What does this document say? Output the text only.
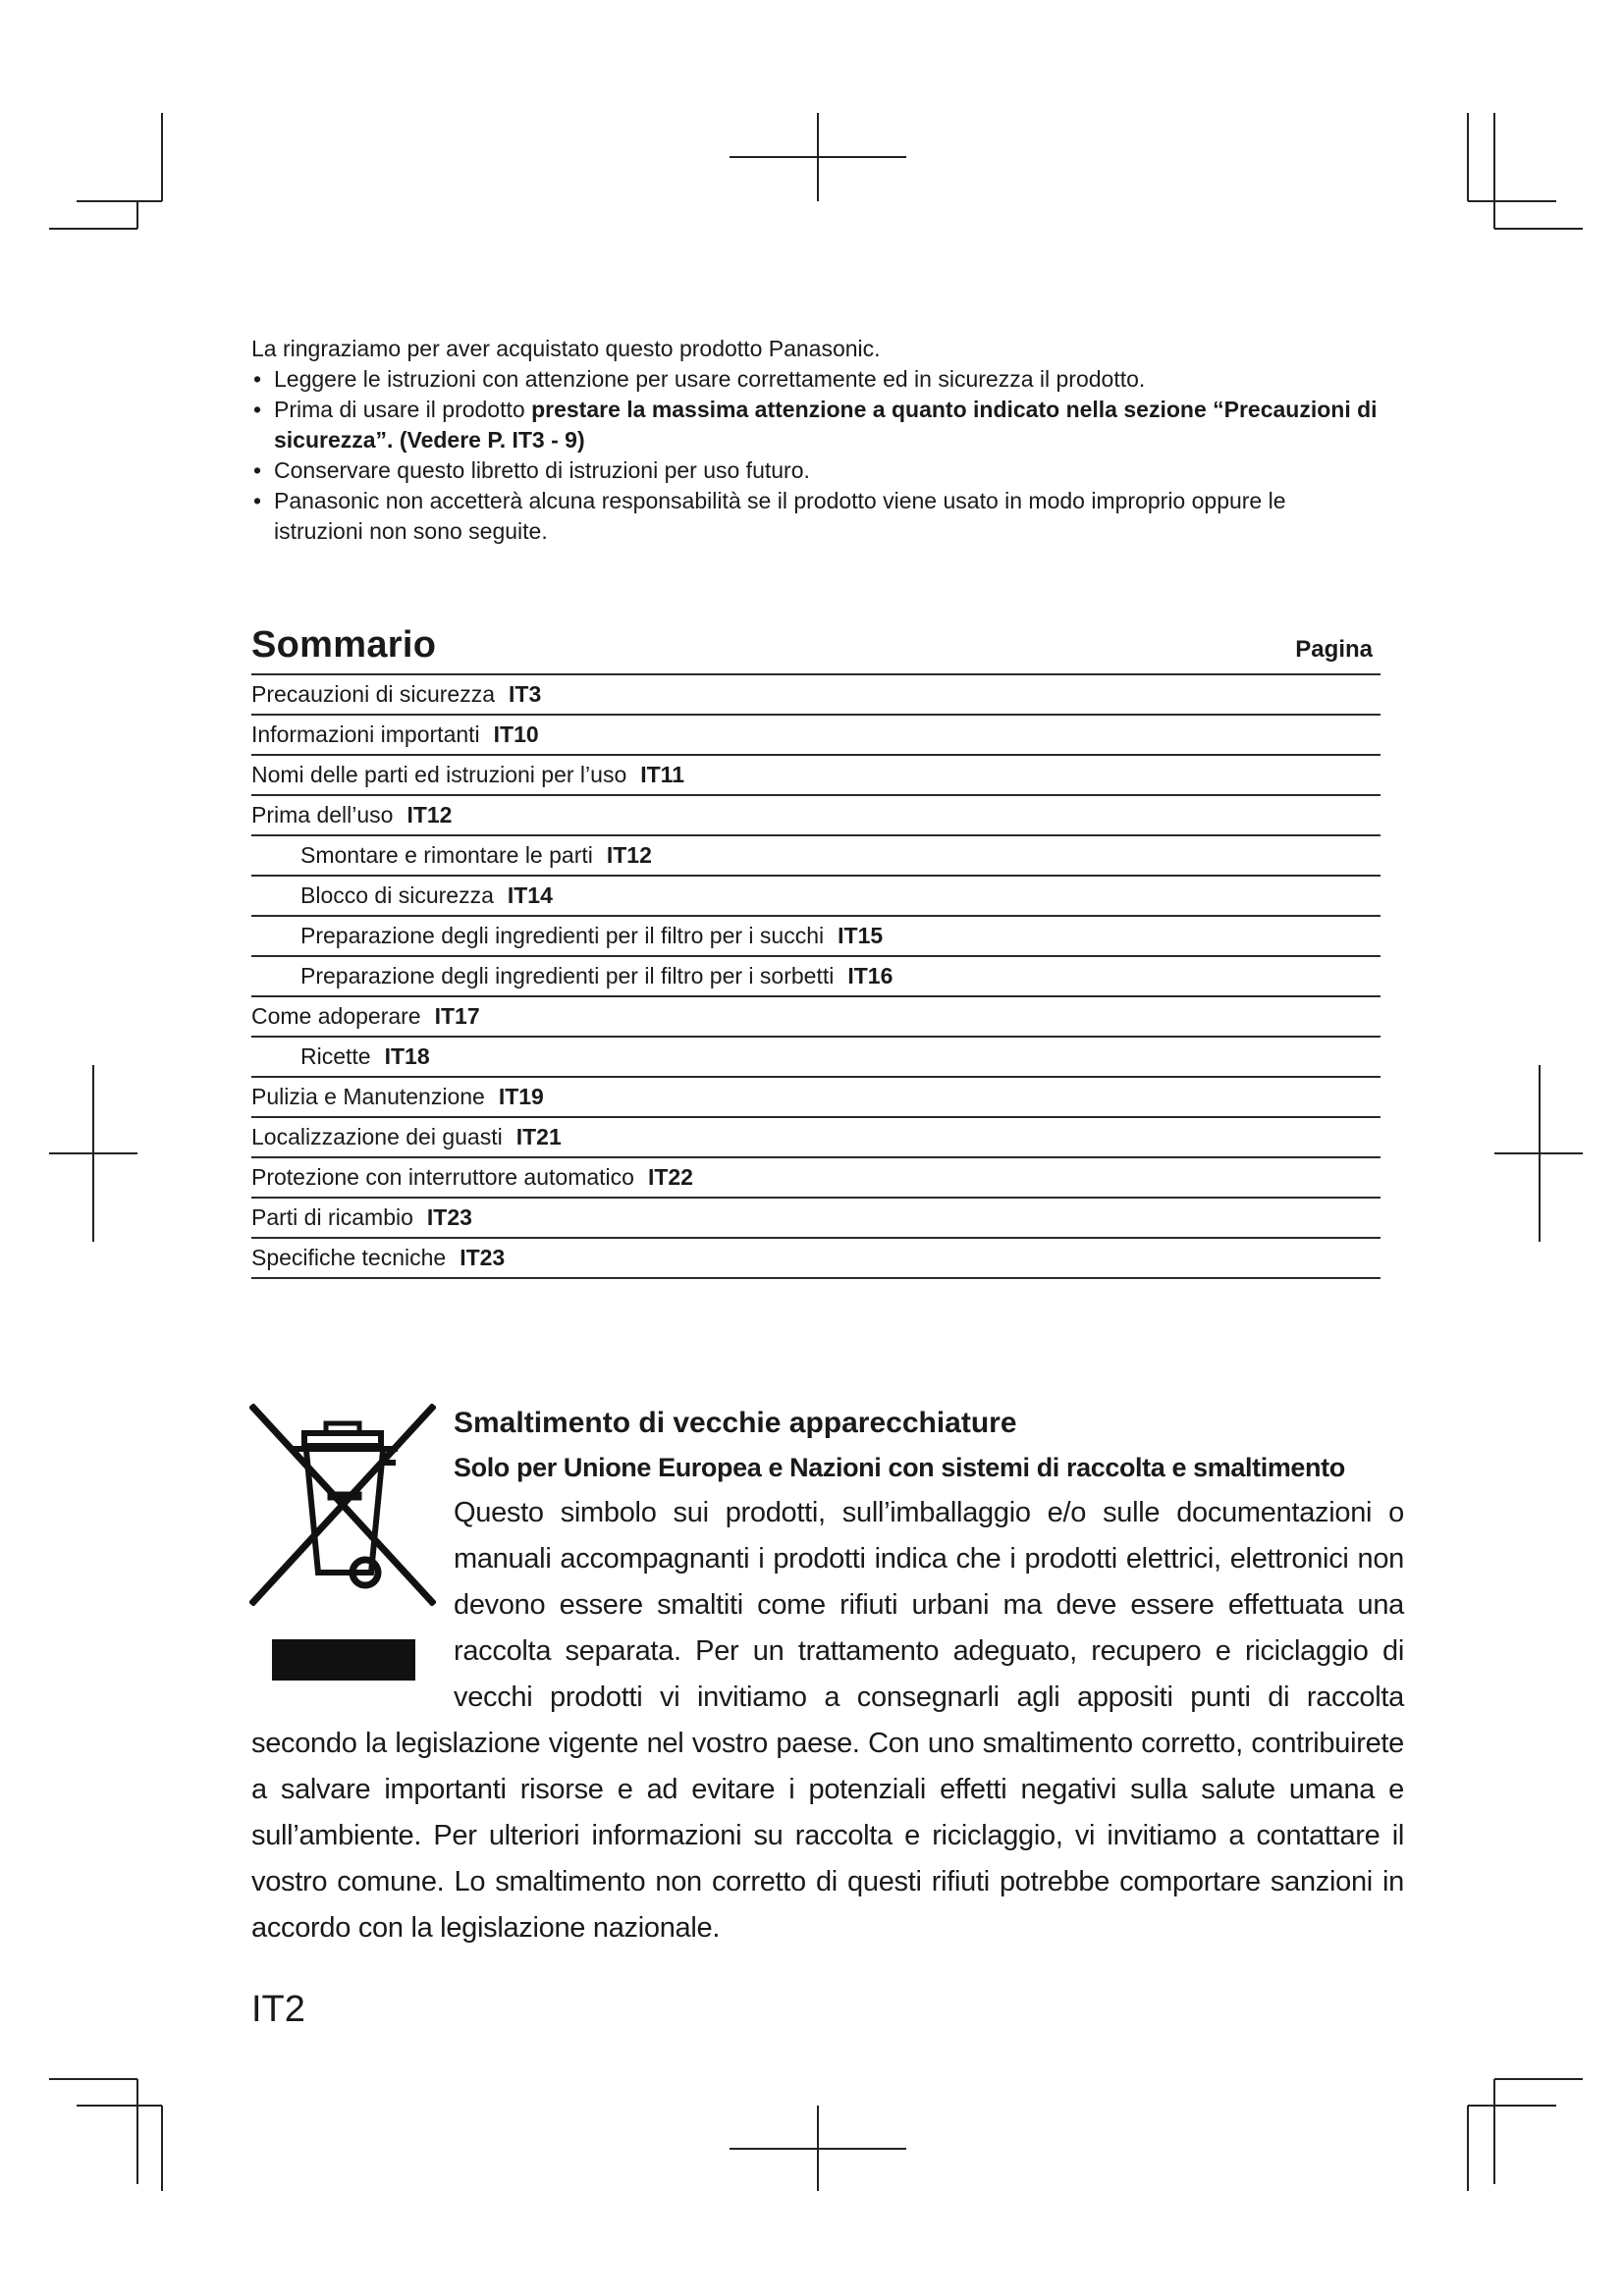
La ringraziamo per aver acquistato questo prodotto Panasonic.

• Leggere le istruzioni con attenzione per usare correttamente ed in sicurezza il prodotto.
• Prima di usare il prodotto prestare la massima attenzione a quanto indicato nella sezione “Precauzioni di sicurezza”. (Vedere P. IT3 - 9)
• Conservare questo libretto di istruzioni per uso futuro.
• Panasonic non accetterà alcuna responsabilità se il prodotto viene usato in modo improprio oppure le istruzioni non sono seguite.
Sommario	Pagina
Precauzioni di sicurezza IT3
Informazioni importanti IT10
Nomi delle parti ed istruzioni per l’uso IT11
Prima dell’uso IT12
Smontare e rimontare le parti IT12
Blocco di sicurezza IT14
Preparazione degli ingredienti per il filtro per i succhi IT15
Preparazione degli ingredienti per il filtro per i sorbetti IT16
Come adoperare IT17
Ricette IT18
Pulizia e Manutenzione IT19
Localizzazione dei guasti IT21
Protezione con interruttore automatico IT22
Parti di ricambio IT23
Specifiche tecniche IT23

Smaltimento di vecchie apparecchiature

Solo per Unione Europea e Nazioni con sistemi di raccolta e smaltimento

Questo simbolo sui prodotti, sull’imballaggio e/o sulle documentazioni o manuali accompagnanti i prodotti indica che i prodotti elettrici, elettronici non devono essere smaltiti come rifiuti urbani ma deve essere effettuata una raccolta separata. Per un trattamento adeguato, recupero e riciclaggio di vecchi prodotti vi invitiamo a consegnarli agli appositi punti di raccolta secondo la legislazione vigente nel vostro paese. Con uno smaltimento corretto, contribuirete a salvare importanti risorse e ad evitare i potenziali effetti negativi sulla salute umana e sull’ambiente. Per ulteriori informazioni su raccolta e riciclaggio, vi invitiamo a contattare il vostro comune. Lo smaltimento non corretto di questi rifiuti potrebbe comportare sanzioni in accordo con la legislazione nazionale.

IT2
